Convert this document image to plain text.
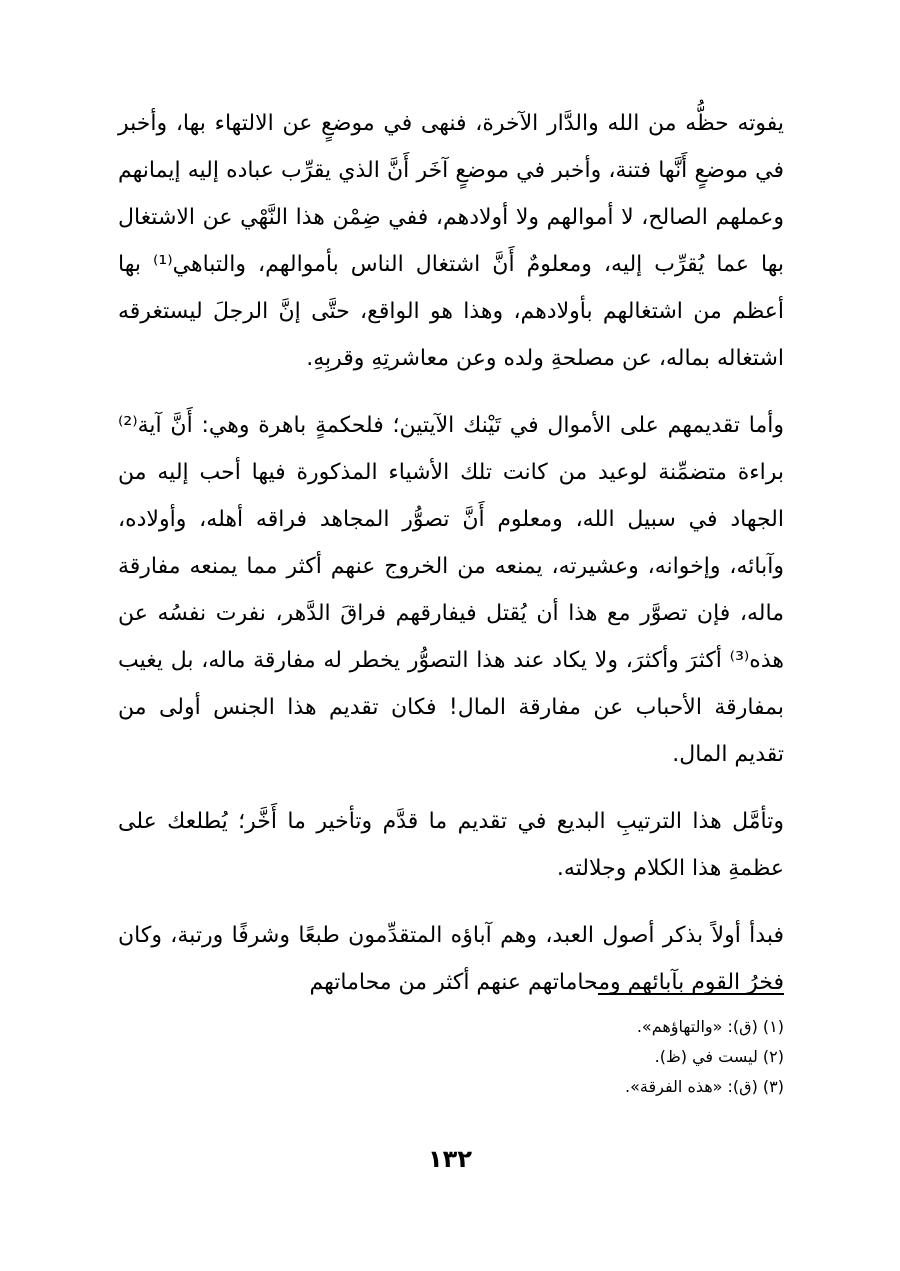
يفوته حظُّه من الله والدَّار الآخرة، فنهى في موضعٍ عن الالتهاء بها، وأخبر في موضعٍ أَنَّها فتنة، وأخبر في موضعٍ آخَر أَنَّ الذي يقرِّب عباده إليه إيمانهم وعملهم الصالح، لا أموالهم ولا أولادهم، ففي ضِمْن هذا النَّهْي عن الاشتغال بها عما يُقرِّب إليه، ومعلومٌ أَنَّ اشتغال الناس بأموالهم، والتباهي⁽¹⁾ بها أعظم من اشتغالهم بأولادهم، وهذا هو الواقع، حتَّى إنَّ الرجلَ ليستغرقه اشتغاله بماله، عن مصلحةِ ولده وعن معاشرتِهِ وقربِهِ.

وأما تقديمهم على الأموال في تَيْنك الآيتين؛ فلحكمةٍ باهرة وهي: أَنَّ آية⁽²⁾ براءة متضمِّنة لوعيد من كانت تلك الأشياء المذكورة فيها أحب إليه من الجهاد في سبيل الله، ومعلوم أَنَّ تصوُّر المجاهد فراقه أهله، وأولاده، وآبائه، وإخوانه، وعشيرته، يمنعه من الخروج عنهم أكثر مما يمنعه مفارقة ماله، فإن تصوَّر مع هذا أن يُقتل فيفارقهم فراقَ الدَّهر، نفرت نفسُه عن هذه⁽³⁾ أكثرَ وأكثرَ، ولا يكاد عند هذا التصوُّر يخطر له مفارقة ماله، بل يغيب بمفارقة الأحباب عن مفارقة المال! فكان تقديم هذا الجنس أولى من تقديم المال.

وتأمَّل هذا الترتيبِ البديع في تقديم ما قدَّم وتأخير ما أَخَّر؛ يُطلعك على عظمةِ هذا الكلام وجلالته.

فبدأ أولاً بذكر أصول العبد، وهم آباؤه المتقدِّمون طبعًا وشرفًا ورتبة، وكان فخرُ القوم بآبائهم ومحاماتهم عنهم أكثر من محاماتهم

(١) (ق): «والتهاؤهم».
(٢) ليست في (ظ).
(٣) (ق): «هذه الفرقة».
١٣٢
